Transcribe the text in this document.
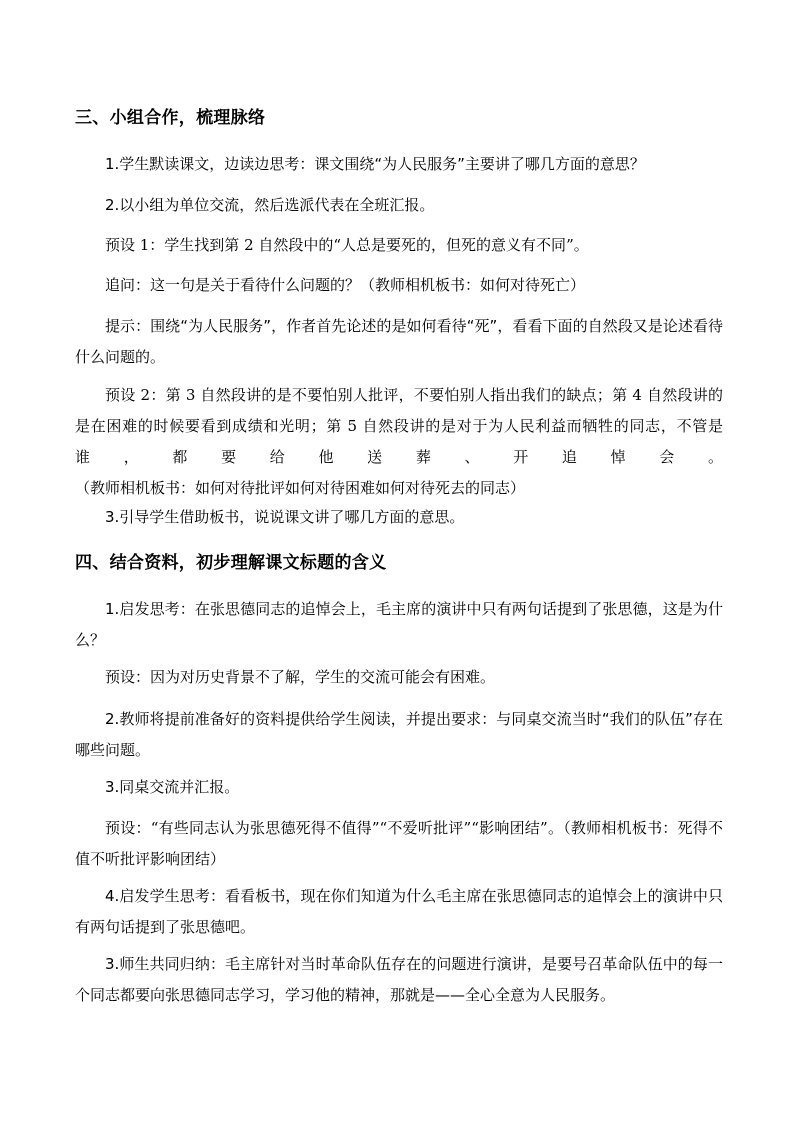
三、小组合作，梳理脉络
1.学生默读课文，边读边思考：课文围绕“为人民服务”主要讲了哪几方面的意思？
2.以小组为单位交流，然后选派代表在全班汇报。
预设 1：学生找到第 2 自然段中的“人总是要死的，但死的意义有不同”。
追问：这一句是关于看待什么问题的？（教师相机板书：如何对待死亡）
提示：围绕“为人民服务”，作者首先论述的是如何看待“死”，看看下面的自然段又是论述看待什么问题的。
预设 2：第 3 自然段讲的是不要怕别人批评，不要怕别人指出我们的缺点；第 4 自然段讲的是在困难的时候要看到成绩和光明；第 5 自然段讲的是对于为人民利益而牺牲的同志，不管是谁，都要给他送葬、开追悼会。（教师相机板书：如何对待批评如何对待困难如何对待死去的同志）
3.引导学生借助板书，说说课文讲了哪几方面的意思。
四、结合资料，初步理解课文标题的含义
1.启发思考：在张思德同志的追悼会上，毛主席的演讲中只有两句话提到了张思德，这是为什么？
预设：因为对历史背景不了解，学生的交流可能会有困难。
2.教师将提前准备好的资料提供给学生阅读，并提出要求：与同桌交流当时“我们的队伍”存在哪些问题。
3.同桌交流并汇报。
预设：“有些同志认为张思德死得不值得”“不爱听批评”“影响团结”。（教师相机板书：死得不值不听批评影响团结）
4.启发学生思考：看看板书，现在你们知道为什么毛主席在张思德同志的追悼会上的演讲中只有两句话提到了张思德吧。
3.师生共同归纳：毛主席针对当时革命队伍存在的问题进行演讲，是要号召革命队伍中的每一个同志都要向张思德同志学习，学习他的精神，那就是——全心全意为人民服务。
